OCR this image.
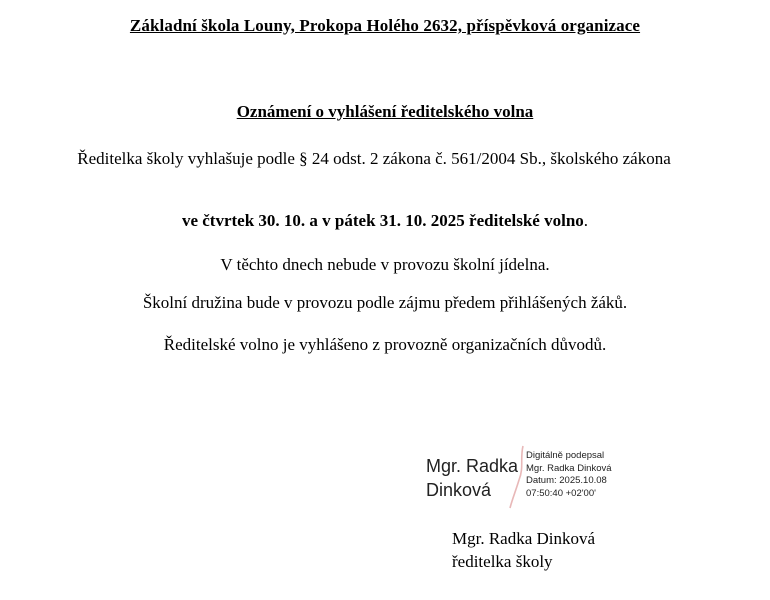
Základní škola Louny, Prokopa Holého 2632, příspěvková organizace
Oznámení o vyhlášení ředitelského volna
Ředitelka školy vyhlašuje podle § 24 odst. 2 zákona č. 561/2004 Sb., školského zákona
ve čtvrtek 30. 10. a v pátek 31. 10. 2025 ředitelské volno.
V těchto dnech nebude v provozu školní jídelna.
Školní družina bude v provozu podle zájmu předem přihlášených žáků.
Ředitelské volno je vyhlášeno z provozně organizačních důvodů.
Mgr. Radka
Dinková
Digitálně podepsal
Mgr. Radka Dinková
Datum: 2025.10.08
07:50:40 +02'00'
Mgr. Radka Dinková
ředitelka školy
